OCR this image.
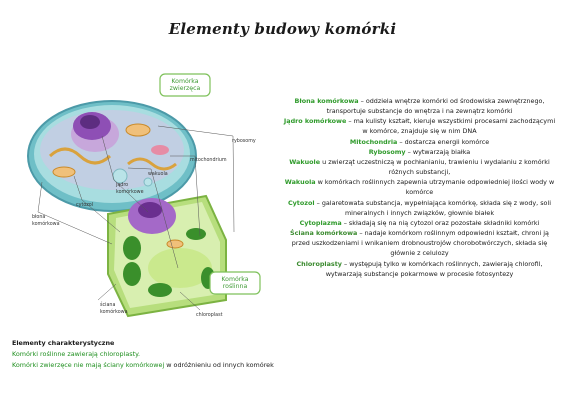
Elementy budowy komórki
Komórka zwierzęca
Komórka roślinna
rybosomy
mitochondrium
wakuola
jądro komórkowe
cytozol
błona komórkowa
ściana komórkowa
chloroplast

Błona komórkowa – oddziela wnętrze komórki od środowiska zewnętrznego, transportuje substancje do wnętrza i na zewnątrz komórki

Jądro komórkowe – ma kulisty kształt, kieruje wszystkimi procesami zachodzącymi w komórce, znajduje się w nim DNA

Mitochondria – dostarcza energii komórce

Rybosomy – wytwarzają białka

Wakuole u zwierząt uczestniczą w pochłanianiu, trawieniu i wydalaniu z komórki różnych substancji,

Wakuola w komórkach roślinnych zapewnia utrzymanie odpowiedniej ilości wody w komórce

Cytozol – galaretowata substancja, wypełniająca komórkę, składa się z wody, soli mineralnych i innych związków, głownie białek

Cytoplazma – składają się na nią cytozol oraz pozostałe składniki komórki

Ściana komórkowa – nadaje komórkom roślinnym odpowiedni kształt, chroni ją przed uszkodzeniami i wnikaniem drobnoustrojów chorobotwórczych, składa się głównie z celulozy

Chloroplasty – występują tylko w komórkach roślinnych, zawierają chlorofil, wytwarzają substancje pokarmowe w procesie fotosyntezy

Elementy charakterystyczne

Komórki roślinne zawierają chloroplasty.

Komórki zwierzęce nie mają ściany komórkowej w odróżnieniu od innych komórek
